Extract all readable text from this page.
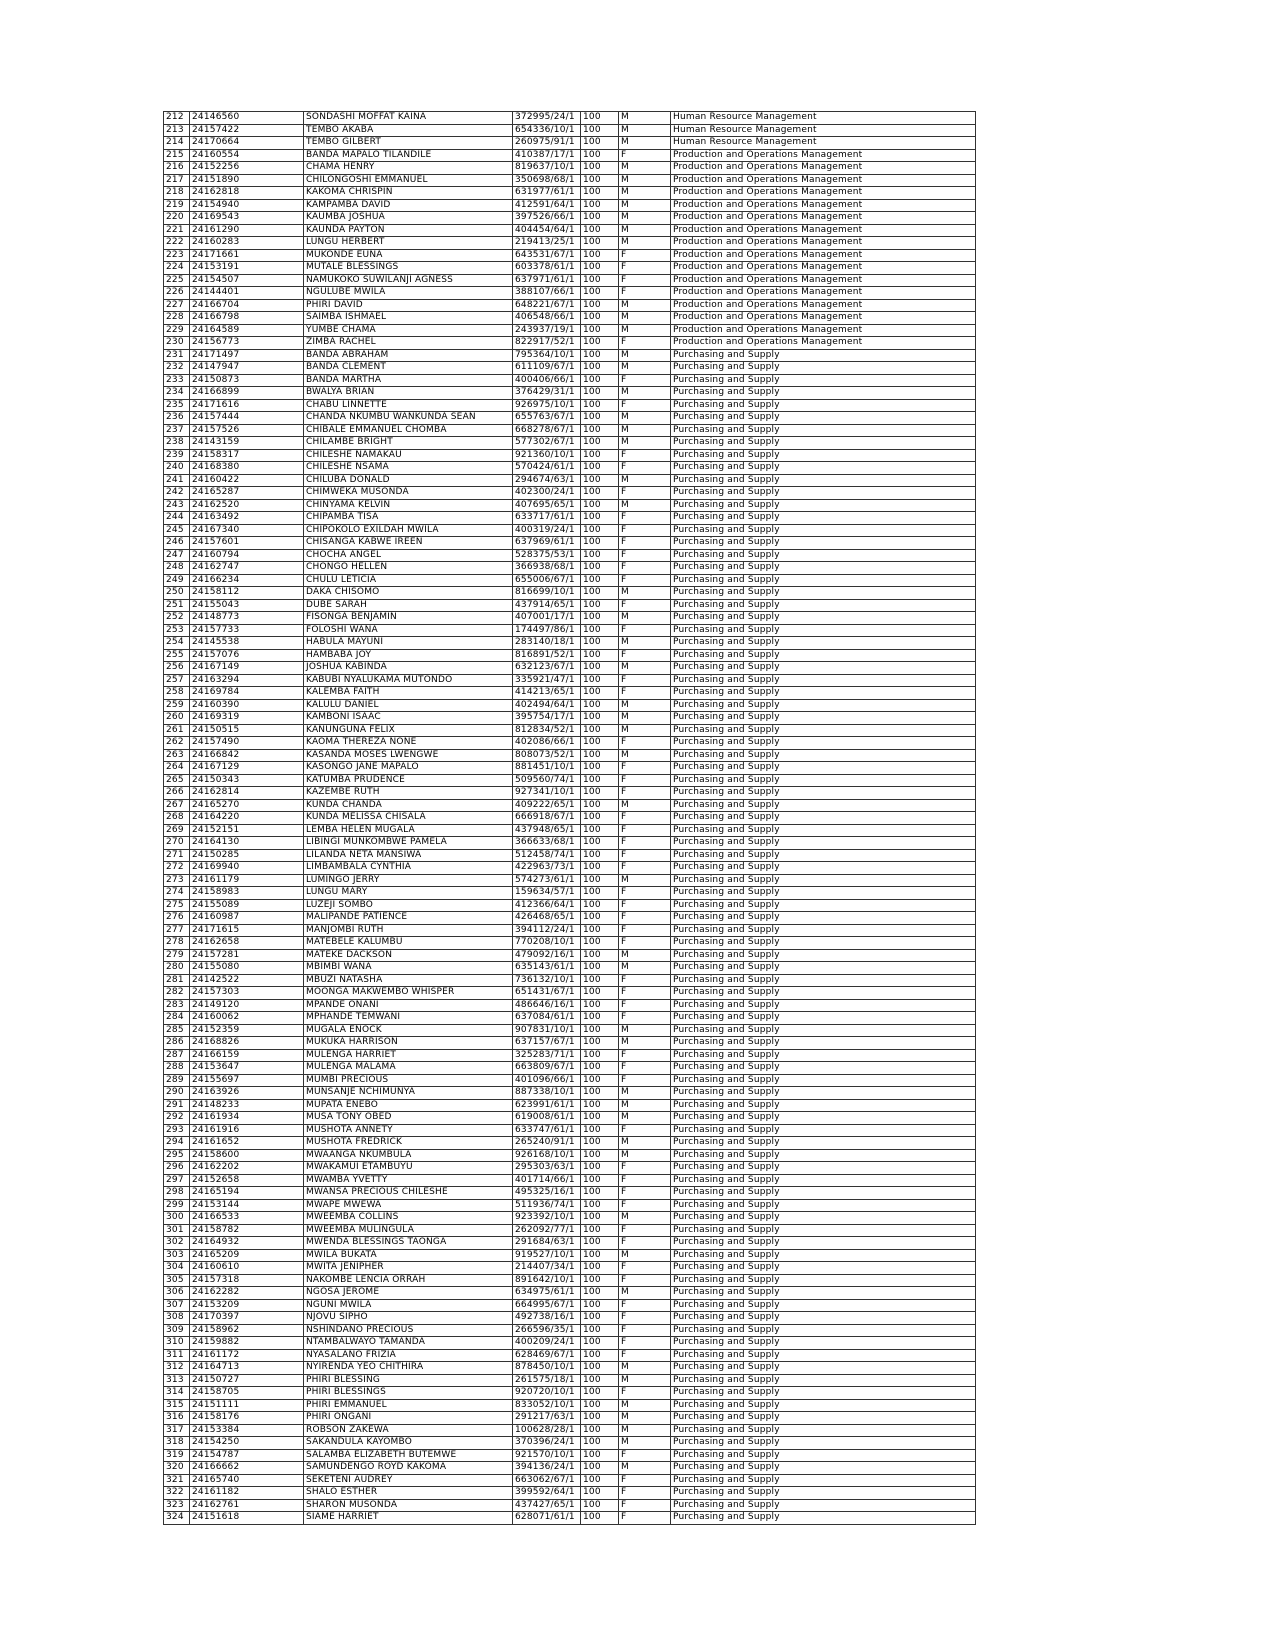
212	24146560	SONDASHI MOFFAT KAINA	372995/24/1	100	M	Human Resource Management
213	24157422	TEMBO AKABA	654336/10/1	100	M	Human Resource Management
214	24170664	TEMBO GILBERT	260975/91/1	100	M	Human Resource Management
215	24160554	BANDA MAPALO TILANDILE	410387/17/1	100	F	Production and Operations Management
216	24152256	CHAMA HENRY	819637/10/1	100	M	Production and Operations Management
217	24151890	CHILONGOSHI EMMANUEL	350698/68/1	100	M	Production and Operations Management
218	24162818	KAKOMA CHRISPIN	631977/61/1	100	M	Production and Operations Management
219	24154940	KAMPAMBA DAVID	412591/64/1	100	M	Production and Operations Management
220	24169543	KAUMBA JOSHUA	397526/66/1	100	M	Production and Operations Management
221	24161290	KAUNDA PAYTON	404454/64/1	100	M	Production and Operations Management
222	24160283	LUNGU HERBERT	219413/25/1	100	M	Production and Operations Management
223	24171661	MUKONDE EUNA	643531/67/1	100	F	Production and Operations Management
224	24153191	MUTALE BLESSINGS	603378/61/1	100	F	Production and Operations Management
225	24154507	NAMUKOKO SUWILANJI AGNESS	637971/61/1	100	F	Production and Operations Management
226	24144401	NGULUBE MWILA	388107/66/1	100	F	Production and Operations Management
227	24166704	PHIRI DAVID	648221/67/1	100	M	Production and Operations Management
228	24166798	SAIMBA ISHMAEL	406548/66/1	100	M	Production and Operations Management
229	24164589	YUMBE CHAMA	243937/19/1	100	M	Production and Operations Management
230	24156773	ZIMBA RACHEL	822917/52/1	100	F	Production and Operations Management
231	24171497	BANDA ABRAHAM	795364/10/1	100	M	Purchasing and Supply
232	24147947	BANDA CLEMENT	611109/67/1	100	M	Purchasing and Supply
233	24150873	BANDA MARTHA	400406/66/1	100	F	Purchasing and Supply
234	24166899	BWALYA BRIAN	376429/31/1	100	M	Purchasing and Supply
235	24171616	CHABU LINNETTE	926975/10/1	100	F	Purchasing and Supply
236	24157444	CHANDA NKUMBU WANKUNDA SEAN	655763/67/1	100	M	Purchasing and Supply
237	24157526	CHIBALE EMMANUEL CHOMBA	668278/67/1	100	M	Purchasing and Supply
238	24143159	CHILAMBE BRIGHT	577302/67/1	100	M	Purchasing and Supply
239	24158317	CHILESHE NAMAKAU	921360/10/1	100	F	Purchasing and Supply
240	24168380	CHILESHE NSAMA	570424/61/1	100	F	Purchasing and Supply
241	24160422	CHILUBA DONALD	294674/63/1	100	M	Purchasing and Supply
242	24165287	CHIMWEKA MUSONDA	402300/24/1	100	F	Purchasing and Supply
243	24162520	CHINYAMA KELVIN	407695/65/1	100	M	Purchasing and Supply
244	24163492	CHIPAMBA TISA	633717/61/1	100	F	Purchasing and Supply
245	24167340	CHIPOKOLO EXILDAH MWILA	400319/24/1	100	F	Purchasing and Supply
246	24157601	CHISANGA KABWE IREEN	637969/61/1	100	F	Purchasing and Supply
247	24160794	CHOCHA ANGEL	528375/53/1	100	F	Purchasing and Supply
248	24162747	CHONGO HELLEN	366938/68/1	100	F	Purchasing and Supply
249	24166234	CHULU LETICIA	655006/67/1	100	F	Purchasing and Supply
250	24158112	DAKA CHISOMO	816699/10/1	100	M	Purchasing and Supply
251	24155043	DUBE SARAH	437914/65/1	100	F	Purchasing and Supply
252	24148773	FISONGA BENJAMIN	407001/17/1	100	M	Purchasing and Supply
253	24157733	FOLOSHI WANA	174497/86/1	100	F	Purchasing and Supply
254	24145538	HABULA MAYUNI	283140/18/1	100	M	Purchasing and Supply
255	24157076	HAMBABA JOY	816891/52/1	100	F	Purchasing and Supply
256	24167149	JOSHUA KABINDA	632123/67/1	100	M	Purchasing and Supply
257	24163294	KABUBI NYALUKAMA MUTONDO	335921/47/1	100	F	Purchasing and Supply
258	24169784	KALEMBA FAITH	414213/65/1	100	F	Purchasing and Supply
259	24160390	KALULU DANIEL	402494/64/1	100	M	Purchasing and Supply
260	24169319	KAMBONI ISAAC	395754/17/1	100	M	Purchasing and Supply
261	24150515	KANUNGUNA FELIX	812834/52/1	100	M	Purchasing and Supply
262	24157490	KAOMA THEREZA NONE	402086/66/1	100	F	Purchasing and Supply
263	24166842	KASANDA MOSES LWENGWE	808073/52/1	100	M	Purchasing and Supply
264	24167129	KASONGO JANE MAPALO	881451/10/1	100	F	Purchasing and Supply
265	24150343	KATUMBA PRUDENCE	509560/74/1	100	F	Purchasing and Supply
266	24162814	KAZEMBE RUTH	927341/10/1	100	F	Purchasing and Supply
267	24165270	KUNDA CHANDA	409222/65/1	100	M	Purchasing and Supply
268	24164220	KUNDA MELISSA CHISALA	666918/67/1	100	F	Purchasing and Supply
269	24152151	LEMBA HELEN MUGALA	437948/65/1	100	F	Purchasing and Supply
270	24164130	LIBINGI MUNKOMBWE PAMELA	366633/68/1	100	F	Purchasing and Supply
271	24150285	LILANDA NETA MANSIWA	512458/74/1	100	F	Purchasing and Supply
272	24169940	LIMBAMBALA CYNTHIA	422963/73/1	100	F	Purchasing and Supply
273	24161179	LUMINGO JERRY	574273/61/1	100	M	Purchasing and Supply
274	24158983	LUNGU MARY	159634/57/1	100	F	Purchasing and Supply
275	24155089	LUZEJI SOMBO	412366/64/1	100	F	Purchasing and Supply
276	24160987	MALIPANDE PATIENCE	426468/65/1	100	F	Purchasing and Supply
277	24171615	MANJOMBI RUTH	394112/24/1	100	F	Purchasing and Supply
278	24162658	MATEBELE KALUMBU	770208/10/1	100	F	Purchasing and Supply
279	24157281	MATEKE DACKSON	479092/16/1	100	M	Purchasing and Supply
280	24155080	MBIMBI WANA	635143/61/1	100	M	Purchasing and Supply
281	24142522	MBUZI NATASHA	736132/10/1	100	F	Purchasing and Supply
282	24157303	MOONGA MAKWEMBO WHISPER	651431/67/1	100	F	Purchasing and Supply
283	24149120	MPANDE ONANI	486646/16/1	100	F	Purchasing and Supply
284	24160062	MPHANDE TEMWANI	637084/61/1	100	F	Purchasing and Supply
285	24152359	MUGALA ENOCK	907831/10/1	100	M	Purchasing and Supply
286	24168826	MUKUKA HARRISON	637157/67/1	100	M	Purchasing and Supply
287	24166159	MULENGA HARRIET	325283/71/1	100	F	Purchasing and Supply
288	24153647	MULENGA MALAMA	663809/67/1	100	F	Purchasing and Supply
289	24155697	MUMBI PRECIOUS	401096/66/1	100	F	Purchasing and Supply
290	24163926	MUNSANJE NCHIMUNYA	887338/10/1	100	M	Purchasing and Supply
291	24148233	MUPATA ENEBO	623991/61/1	100	M	Purchasing and Supply
292	24161934	MUSA TONY OBED	619008/61/1	100	M	Purchasing and Supply
293	24161916	MUSHOTA ANNETY	633747/61/1	100	F	Purchasing and Supply
294	24161652	MUSHOTA FREDRICK	265240/91/1	100	M	Purchasing and Supply
295	24158600	MWAANGA NKUMBULA	926168/10/1	100	M	Purchasing and Supply
296	24162202	MWAKAMUI ETAMBUYU	295303/63/1	100	F	Purchasing and Supply
297	24152658	MWAMBA YVETTY	401714/66/1	100	F	Purchasing and Supply
298	24165194	MWANSA PRECIOUS CHILESHE	495325/16/1	100	F	Purchasing and Supply
299	24153144	MWAPE MWEWA	511936/74/1	100	F	Purchasing and Supply
300	24166533	MWEEMBA COLLINS	923392/10/1	100	M	Purchasing and Supply
301	24158782	MWEEMBA MULINGULA	262092/77/1	100	F	Purchasing and Supply
302	24164932	MWENDA BLESSINGS TAONGA	291684/63/1	100	F	Purchasing and Supply
303	24165209	MWILA BUKATA	919527/10/1	100	M	Purchasing and Supply
304	24160610	MWITA JENIPHER	214407/34/1	100	F	Purchasing and Supply
305	24157318	NAKOMBE LENCIA ORRAH	891642/10/1	100	F	Purchasing and Supply
306	24162282	NGOSA JEROME	634975/61/1	100	M	Purchasing and Supply
307	24153209	NGUNI MWILA	664995/67/1	100	F	Purchasing and Supply
308	24170397	NJOVU SIPHO	492738/16/1	100	F	Purchasing and Supply
309	24158962	NSHINDANO PRECIOUS	266596/35/1	100	F	Purchasing and Supply
310	24159882	NTAMBALWAYO TAMANDA	400209/24/1	100	F	Purchasing and Supply
311	24161172	NYASALANO FRIZIA	628469/67/1	100	F	Purchasing and Supply
312	24164713	NYIRENDA YEO CHITHIRA	878450/10/1	100	M	Purchasing and Supply
313	24150727	PHIRI BLESSING	261575/18/1	100	M	Purchasing and Supply
314	24158705	PHIRI BLESSINGS	920720/10/1	100	F	Purchasing and Supply
315	24151111	PHIRI EMMANUEL	833052/10/1	100	M	Purchasing and Supply
316	24158176	PHIRI ONGANI	291217/63/1	100	M	Purchasing and Supply
317	24153384	ROBSON ZAKEWA	100628/28/1	100	M	Purchasing and Supply
318	24154250	SAKANDULA KAYOMBO	370396/24/1	100	M	Purchasing and Supply
319	24154787	SALAMBA ELIZABETH BUTEMWE	921570/10/1	100	F	Purchasing and Supply
320	24166662	SAMUNDENGO ROYD KAKOMA	394136/24/1	100	M	Purchasing and Supply
321	24165740	SEKETENI AUDREY	663062/67/1	100	F	Purchasing and Supply
322	24161182	SHALO ESTHER	399592/64/1	100	F	Purchasing and Supply
323	24162761	SHARON MUSONDA	437427/65/1	100	F	Purchasing and Supply
324	24151618	SIAME HARRIET	628071/61/1	100	F	Purchasing and Supply
